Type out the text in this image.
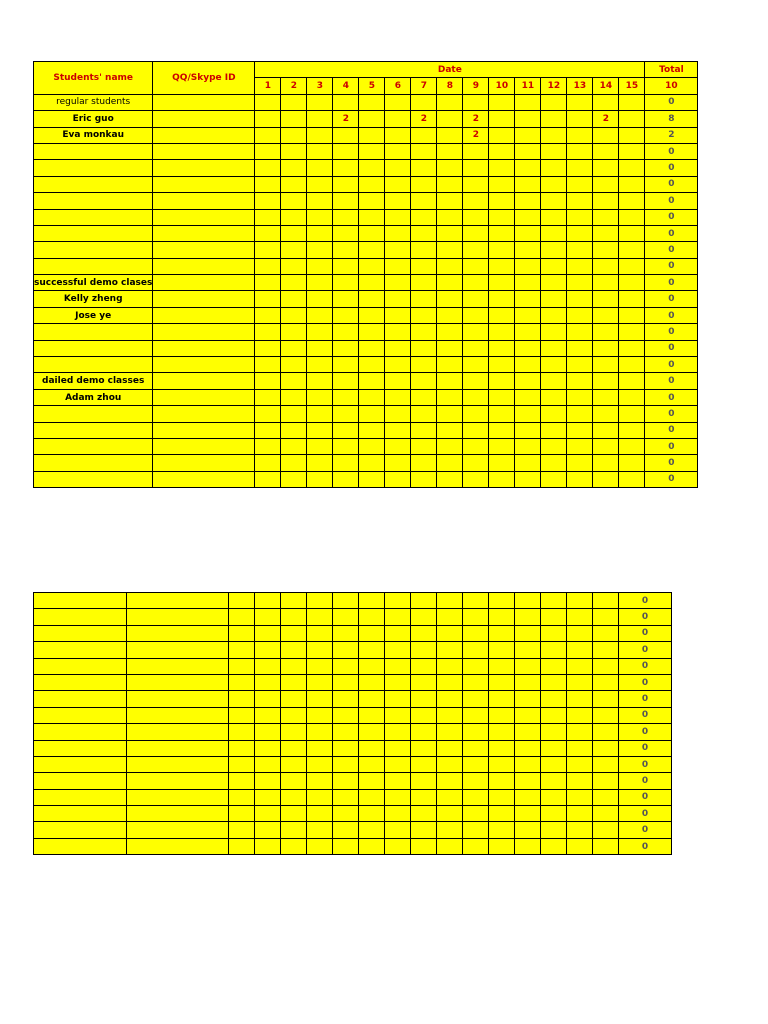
Students' name	QQ/Skype ID	Date															Total
		1	2	3	4	5	6	7	8	9	10	11	12	13	14	15	10
regular students																	0
Eric guo					2			2		2					2		8
Eva monkau										2							2
																	0
																	0
																	0
																	0
																	0
																	0
																	0
																	0
successful demo clases																	0
Kelly zheng																	0
Jose ye																	0
																	0
																	0
																	0
dailed demo classes																	0
Adam zhou																	0
																	0
																	0
																	0
																	0
																	0
																	0
																	0
																	0
																	0
																	0
																	0
																	0
																	0
																	0
																	0
																	0
																	0
																	0
																	0
																	0
																	0
